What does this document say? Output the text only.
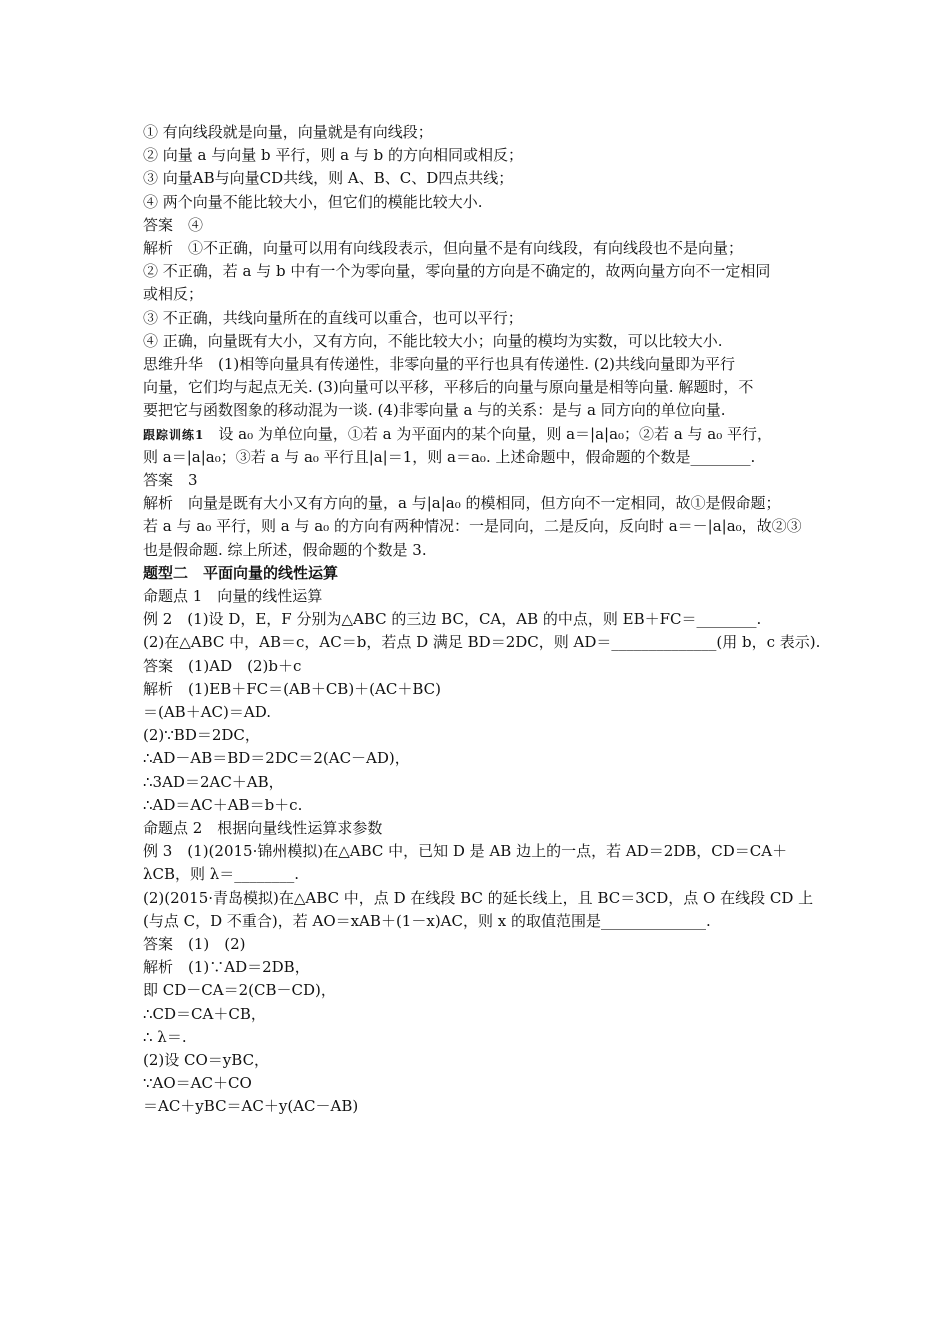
① 有向线段就是向量，向量就是有向线段；
② 向量 a 与向量 b 平行，则 a 与 b 的方向相同或相反；
③ 向量AB与向量CD共线，则 A、B、C、D四点共线；
④ 两个向量不能比较大小，但它们的模能比较大小.
答案　④
解析　①不正确，向量可以用有向线段表示，但向量不是有向线段，有向线段也不是向量；
② 不正确，若 a 与 b 中有一个为零向量，零向量的方向是不确定的，故两向量方向不一定相同
或相反；
③ 不正确，共线向量所在的直线可以重合，也可以平行；
④ 正确，向量既有大小，又有方向，不能比较大小；向量的模均为实数，可以比较大小.
思维升华　(1)相等向量具有传递性，非零向量的平行也具有传递性. (2)共线向量即为平行
向量，它们均与起点无关. (3)向量可以平移，平移后的向量与原向量是相等向量. 解题时，不
要把它与函数图象的移动混为一谈. (4)非零向量 a 与的关系：是与 a 同方向的单位向量.
跟踪训练1 设 a₀ 为单位向量，①若 a 为平面内的某个向量，则 a＝|a|a₀；②若 a 与 a₀ 平行，
则 a＝|a|a₀；③若 a 与 a₀ 平行且|a|＝1，则 a＝a₀. 上述命题中，假命题的个数是________.
答案　3
解析　向量是既有大小又有方向的量，a 与|a|a₀ 的模相同，但方向不一定相同，故①是假命题；
若 a 与 a₀ 平行，则 a 与 a₀ 的方向有两种情况：一是同向，二是反向，反向时 a＝－|a|a₀，故②③
也是假命题. 综上所述，假命题的个数是 3.
题型二　平面向量的线性运算
命题点 1　向量的线性运算
例 2　(1)设 D，E，F 分别为△ABC 的三边 BC，CA，AB 的中点，则 EB＋FC＝________.
(2)在△ABC 中，AB＝c，AC＝b，若点 D 满足 BD＝2DC，则 AD＝______________(用 b，c 表示).
答案　(1)AD　(2)b＋c
解析　(1)EB＋FC＝(AB＋CB)＋(AC＋BC)
＝(AB＋AC)＝AD.
(2)∵BD＝2DC，
∴AD－AB＝BD＝2DC＝2(AC－AD)，
∴3AD＝2AC＋AB，
∴AD＝AC＋AB＝b＋c.
命题点 2　根据向量线性运算求参数
例 3　(1)(2015·锦州模拟)在△ABC 中，已知 D 是 AB 边上的一点，若 AD＝2DB，CD＝CA＋
λCB，则 λ＝________.
(2)(2015·青岛模拟)在△ABC 中，点 D 在线段 BC 的延长线上，且 BC＝3CD，点 O 在线段 CD 上
(与点 C，D 不重合)，若 AO＝xAB＋(1－x)AC，则 x 的取值范围是______________.
答案　(1)　(2)
解析　(1)∵AD＝2DB，
即 CD－CA＝2(CB－CD)，
∴CD＝CA＋CB，
∴ λ＝.
(2)设 CO＝yBC，
∵AO＝AC＋CO
＝AC＋yBC＝AC＋y(AC－AB)
